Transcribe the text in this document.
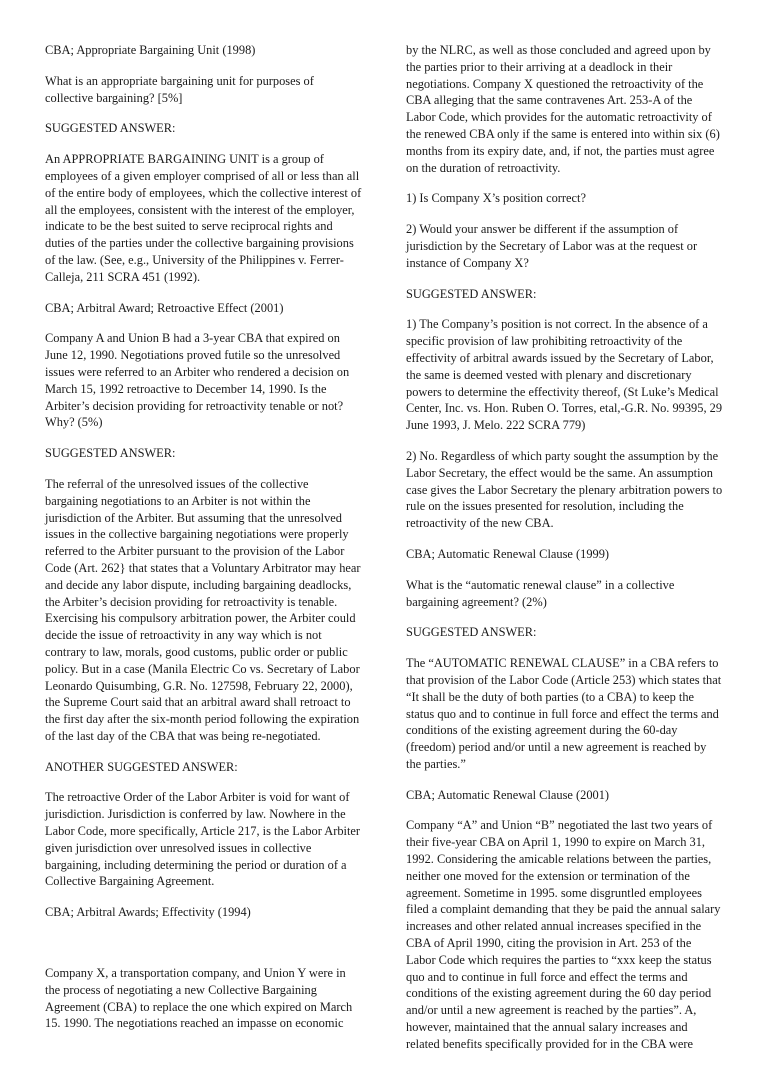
CBA; Appropriate Bargaining Unit (1998)

What is an appropriate bargaining unit for purposes of collective bargaining? [5%]

SUGGESTED ANSWER:

An APPROPRIATE BARGAINING UNIT is a group of employees of a given employer comprised of all or less than all of the entire body of employees, which the collective interest of all the employees, consistent with the interest of the employer, indicate to be the best suited to serve reciprocal rights and duties of the parties under the collective bargaining provisions of the law. (See, e.g., University of the Philippines v. Ferrer-Calleja, 211 SCRA 451 (1992).

CBA; Arbitral Award; Retroactive Effect (2001)

Company A and Union B had a 3-year CBA that expired on June 12, 1990. Negotiations proved futile so the unresolved issues were referred to an Arbiter who rendered a decision on March 15, 1992 retroactive to December 14, 1990. Is the Arbiter’s decision providing for retroactivity tenable or not? Why? (5%)

SUGGESTED ANSWER:

The referral of the unresolved issues of the collective bargaining negotiations to an Arbiter is not within the jurisdiction of the Arbiter. But assuming that the unresolved issues in the collective bargaining negotiations were properly referred to the Arbiter pursuant to the provision of the Labor Code (Art. 262} that states that a Voluntary Arbitrator may hear and decide any labor dispute, including bargaining deadlocks, the Arbiter’s decision providing for retroactivity is tenable. Exercising his compulsory arbitration power, the Arbiter could decide the issue of retroactivity in any way which is not contrary to law, morals, good customs, public order or public policy. But in a case (Manila Electric Co vs. Secretary of Labor Leonardo Quisumbing, G.R. No. 127598, February 22, 2000), the Supreme Court said that an arbitral award shall retroact to the first day after the six-month period following the expiration of the last day of the CBA that was being re-negotiated.

ANOTHER SUGGESTED ANSWER:

The retroactive Order of the Labor Arbiter is void for want of jurisdiction. Jurisdiction is conferred by law. Nowhere in the Labor Code, more specifically, Article 217, is the Labor Arbiter given jurisdiction over unresolved issues in collective bargaining, including determining the period or duration of a Collective Bargaining Agreement.

CBA; Arbitral Awards; Effectivity (1994)

Company X, a transportation company, and Union Y were in the process of negotiating a new Collective Bargaining Agreement (CBA) to replace the one which expired on March 15. 1990. The negotiations reached an impasse on economic

by the NLRC, as well as those concluded and agreed upon by the parties prior to their arriving at a deadlock in their negotiations. Company X questioned the retroactivity of the CBA alleging that the same contravenes Art. 253-A of the Labor Code, which provides for the automatic retroactivity of the renewed CBA only if the same is entered into within six (6) months from its expiry date, and, if not, the parties must agree on the duration of retroactivity.

1) Is Company X’s position correct?

2) Would your answer be different if the assumption of jurisdiction by the Secretary of Labor was at the request or instance of Company X?

SUGGESTED ANSWER:

1) The Company’s position is not correct. In the absence of a specific provision of law prohibiting retroactivity of the effectivity of arbitral awards issued by the Secretary of Labor, the same is deemed vested with plenary and discretionary powers to determine the effectivity thereof, (St Luke’s Medical Center, Inc. vs. Hon. Ruben O. Torres, etal,-G.R. No. 99395, 29 June 1993, J. Melo. 222 SCRA 779)

2) No. Regardless of which party sought the assumption by the Labor Secretary, the effect would be the same. An assumption case gives the Labor Secretary the plenary arbitration powers to rule on the issues presented for resolution, including the retroactivity of the new CBA.

CBA; Automatic Renewal Clause (1999)

What is the “automatic renewal clause” in a collective bargaining agreement? (2%)

SUGGESTED ANSWER:

The “AUTOMATIC RENEWAL CLAUSE” in a CBA refers to that provision of the Labor Code (Article 253) which states that “It shall be the duty of both parties (to a CBA) to keep the status quo and to continue in full force and effect the terms and conditions of the existing agreement during the 60-day (freedom) period and/or until a new agreement is reached by the parties.”

CBA; Automatic Renewal Clause (2001)

Company “A” and Union “B” negotiated the last two years of their five-year CBA on April 1, 1990 to expire on March 31, 1992. Considering the amicable relations between the parties, neither one moved for the extension or termination of the agreement. Sometime in 1995. some disgruntled employees filed a complaint demanding that they be paid the annual salary increases and other related annual increases specified in the CBA of April 1990, citing the provision in Art. 253 of the Labor Code which requires the parties to “xxx keep the status quo and to continue in full force and effect the terms and conditions of the existing agreement during the 60 day period and/or until a new agreement is reached by the parties”. A, however, maintained that the annual salary increases and related benefits specifically provided for in the CBA were
